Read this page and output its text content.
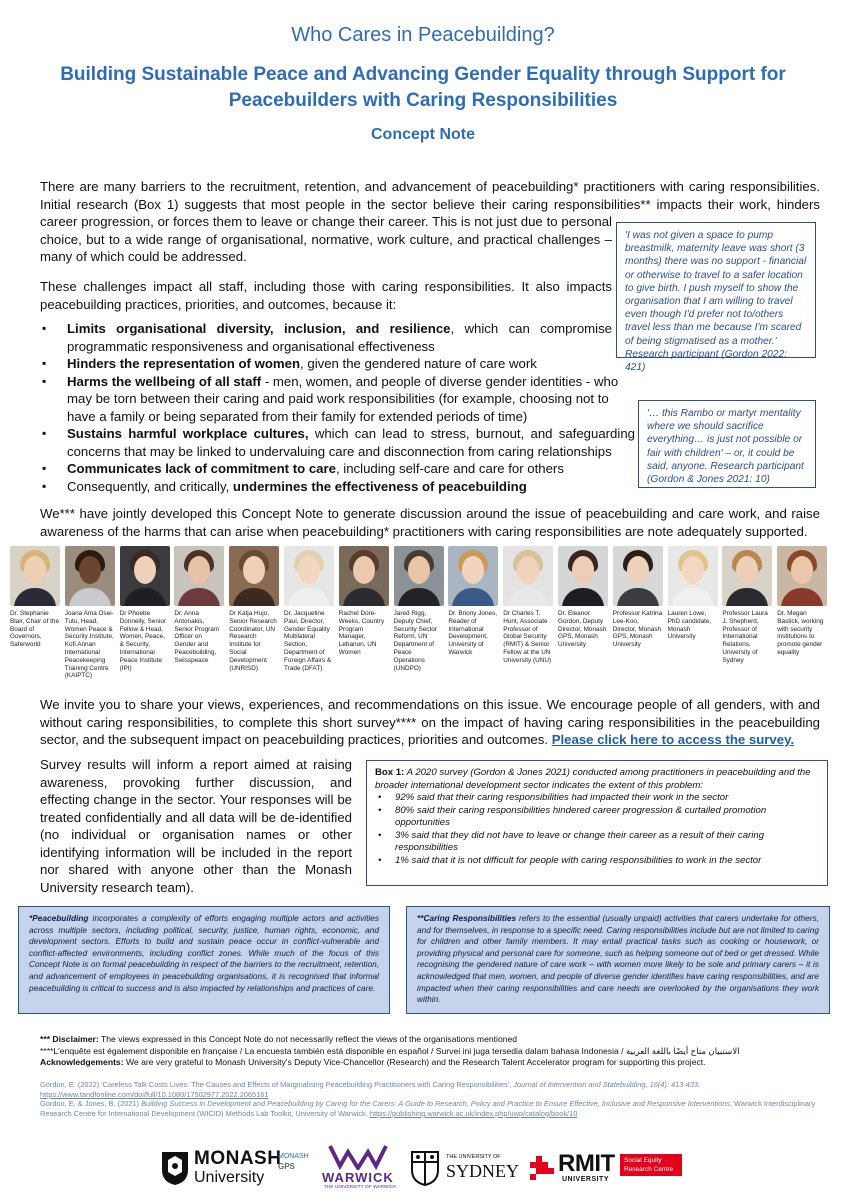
Who Cares in Peacebuilding?
Building Sustainable Peace and Advancing Gender Equality through Support for Peacebuilders with Caring Responsibilities
Concept Note
There are many barriers to the recruitment, retention, and advancement of peacebuilding* practitioners with caring responsibilities.
Initial research (Box 1) suggests that most people in the sector believe their caring responsibilities** impacts their work, hinders
career progression, or forces them to leave or change their career. This is not just due to personal choice, but to a wide range of organisational, normative, work culture, and practical challenges – many of which could be addressed.
These challenges impact all staff, including those with caring responsibilities. It also impacts peacebuilding practices, priorities, and outcomes, because it:
'I was not given a space to pump breastmilk, maternity leave was short (3 months) there was no support - financial or otherwise to travel to a safer location to give birth. I push myself to show the organisation that I am willing to travel even though I'd prefer not to/others travel less than me because I'm scared of being stigmatised as a mother.' Research participant (Gordon 2022: 421)
▪ Limits organisational diversity, inclusion, and resilience, which can compromise programmatic responsiveness and organisational effectiveness
▪ Hinders the representation of women, given the gendered nature of care work
▪ Harms the wellbeing of all staff - men, women, and people of diverse gender identities - who may be torn between their caring and paid work responsibilities (for example, choosing not to have a family or being separated from their family for extended periods of time)
▪ Sustains harmful workplace cultures, which can lead to stress, burnout, and safeguarding concerns that may be linked to undervaluing care and disconnection from caring relationships
▪ Communicates lack of commitment to care, including self-care and care for others
▪ Consequently, and critically, undermines the effectiveness of peacebuilding
'… this Rambo or martyr mentality where we should sacrifice everything… is just not possible or fair with children' – or, it could be said, anyone. Research participant (Gordon & Jones 2021: 10)
We*** have jointly developed this Concept Note to generate discussion around the issue of peacebuilding and care work, and raise awareness of the harms that can arise when peacebuilding* practitioners with caring responsibilities are note adequately supported.
Dr. Stephanie Blair, Chair of the Board of Governors, Saferworld
Joana Ama Osei-Tutu, Head, Women Peace & Security Institute, Kofi Annan International Peacekeeping Training Centre (KAIPTC)
Dr Phoebe Donnelly, Senior Fellow & Head, Women, Peace, & Security, International Peace Institute (IPI)
Dr. Anna Antonakis, Senior Program Officer on Gender and Peacebuilding, Swisspeace
Dr Katja Hujo, Senior Research Coordinator, UN Research Institute for Social Development (UNRISD)
Dr. Jacqueline Paul, Director, Gender Equality Multilateral Section, Department of Foreign Affairs & Trade (DFAT)
Rachel Dore-Weeks, Country Program Manager, Lebanon, UN Women
Jared Rigg, Deputy Chief, Security Sector Reform, UN Department of Peace Operations (UNDPO)
Dr. Briony Jones, Reader of International Development, University of Warwick
Dr Charles T. Hunt, Associate Professor of Global Security (RMIT) & Senior Fellow at the UN University (UNU)
Dr. Eleanor Gordon, Deputy Director, Monash GPS, Monash University
Professor Katrina Lee-Koo, Director, Monash GPS, Monash University
Lauren Lowe, PhD candidate, Monash University
Professor Laura J. Shepherd, Professor of International Relations, University of Sydney
Dr. Megan Bastick, working with security institutions to promote gender equality
We invite you to share your views, experiences, and recommendations on this issue. We encourage people of all genders, with and without caring responsibilities, to complete this short survey**** on the impact of having caring responsibilities in the peacebuilding sector, and the subsequent impact on peacebuilding practices, priorities and outcomes. Please click here to access the survey.
Survey results will inform a report aimed at raising awareness, provoking further discussion, and effecting change in the sector. Your responses will be treated confidentially and all data will be de-identified (no individual or organisation names or other identifying information will be included in the report nor shared with anyone other than the Monash University research team).
Box 1: A 2020 survey (Gordon & Jones 2021) conducted among practitioners in peacebuilding and the broader international development sector indicates the extent of this problem:
• 92% said that their caring responsibilities had impacted their work in the sector
• 80% said their caring responsibilities hindered career progression & curtailed promotion opportunities
• 3% said that they did not have to leave or change their career as a result of their caring responsibilities
• 1% said that it is not difficult for people with caring responsibilities to work in the sector
*Peacebuilding incorporates a complexity of efforts engaging multiple actors and activities across multiple sectors, including political, security, justice, human rights, economic, and development sectors. Efforts to build and sustain peace occur in conflict-vulnerable and conflict-affected environments, including conflict zones. While much of the focus of this Concept Note is on formal peacebuilding in respect of the barriers to the recruitment, retention, and advancement of employees in peacebuilding organisations, it is recognised that informal peacebuilding is critical to success and is also impacted by relationships and practices of care.
**Caring Responsibilities refers to the essential (usually unpaid) activities that carers undertake for others, and for themselves, in response to a specific need. Caring responsibilities include but are not limited to caring for children and other family members. It may entail practical tasks such as cooking or housework, or providing physical and personal care for someone, such as helping someone out of bed or get dressed. While recognising the gendered nature of care work – with women more likely to be sole and primary carers – it is acknowledged that men, women, and people of diverse gender identifies have caring responsibilities, and are impacted when their caring responsibilities and care needs are overlooked by the organisations they work within.
*** Disclaimer: The views expressed in this Concept Note do not necessarily reflect the views of the organisations mentioned
****L'enquête est également disponible en française / La encuesta también está disponible en español / Survei ini juga tersedia dalam bahasa Indonesia / الاستبيان متاح أيضًا باللغة العربية
Acknowledgements: We are very grateful to Monash University's Deputy Vice-Chancellor (Research) and the Research Talent Accelerator program for supporting this project.
Gordon, E. (2022) 'Careless Talk Costs Lives: The Causes and Effects of Marginalising Peacebuilding Practitioners with Caring Responsibilities', Journal of Intervention and Statebuilding, 16(4): 413-433.
https://www.tandfonline.com/doi/full/10.1080/17502977.2022.2065161
Gordon, E. & Jones, B. (2021) Building Success in Development and Peacebuilding by Caring for the Carers: A Guide to Research, Policy and Practice to Ensure Effective, Inclusive and Responsive Interventions, Warwick Interdisciplinary Research Centre for International Development (WICID) Methods Lab Toolkit, University of Warwick. https://publishing.warwick.ac.uk/index.php/uwp/catalog/book/10
MONASH
University
MONASH
GPS
WARWICK
THE UNIVERSITY OF WARWICK
THE UNIVERSITY OF
SYDNEY RMIT
UNIVERSITY
Social Equity
Research Centre
